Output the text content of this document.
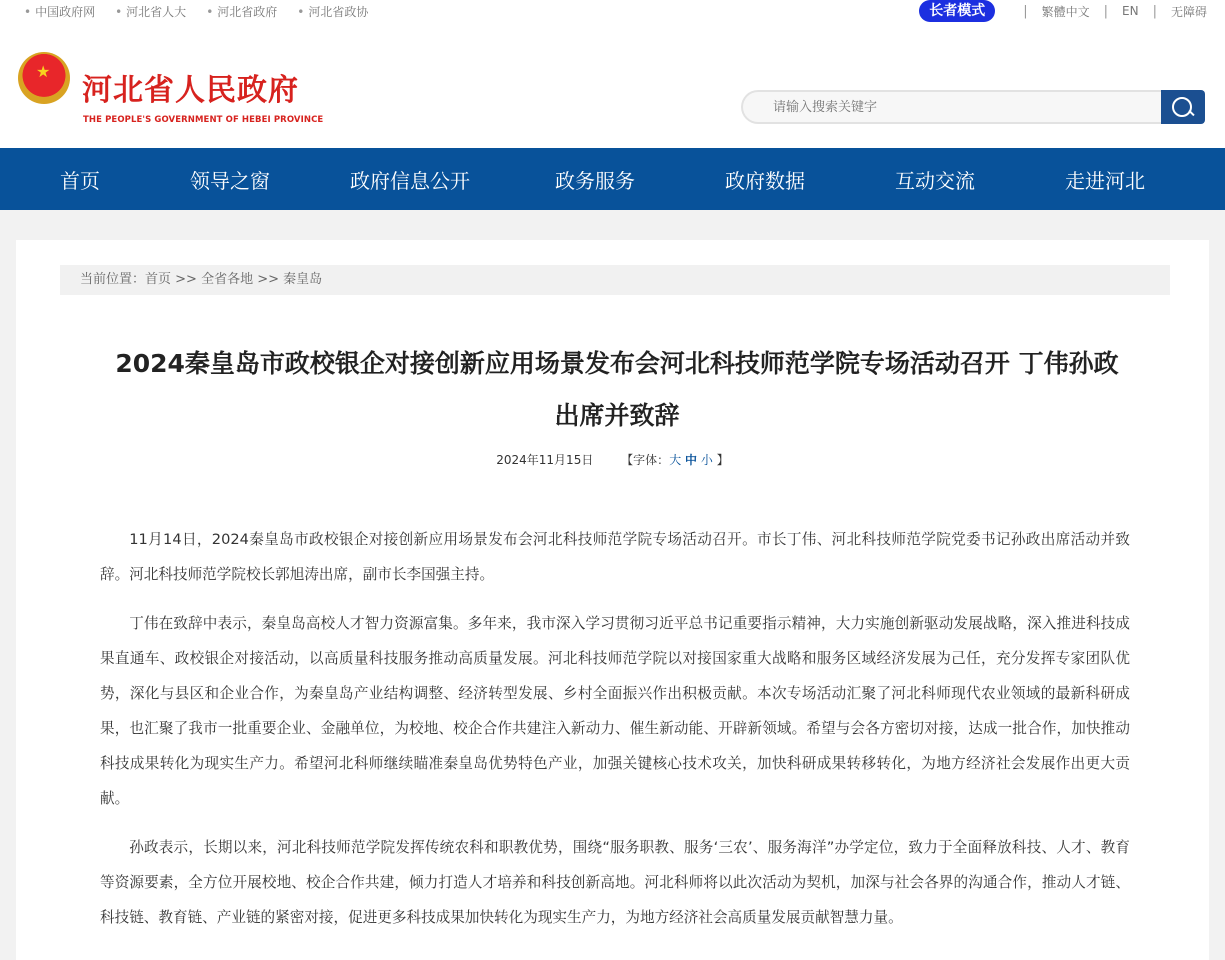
• 中国政府网	• 河北省人大	• 河北省政府	• 河北省政协	长者模式	| 繁體中文 | EN | 无障碍
★
河北省人民政府
THE PEOPLE'S GOVERNMENT OF HEBEI PROVINCE
请输入搜索关键字
首页	领导之窗	政府信息公开	政务服务	政府数据	互动交流	走进河北
当前位置：首页 >> 全省各地 >> 秦皇岛
2024秦皇岛市政校银企对接创新应用场景发布会河北科技师范学院专场活动召开 丁伟孙政出席并致辞
2024年11月15日 【字体：大 中 小 】

11月14日，2024秦皇岛市政校银企对接创新应用场景发布会河北科技师范学院专场活动召开。市长丁伟、河北科技师范学院党委书记孙政出席活动并致辞。河北科技师范学院校长郭旭涛出席，副市长李国强主持。

丁伟在致辞中表示，秦皇岛高校人才智力资源富集。多年来，我市深入学习贯彻习近平总书记重要指示精神，大力实施创新驱动发展战略，深入推进科技成果直通车、政校银企对接活动，以高质量科技服务推动高质量发展。河北科技师范学院以对接国家重大战略和服务区域经济发展为己任，充分发挥专家团队优势，深化与县区和企业合作，为秦皇岛产业结构调整、经济转型发展、乡村全面振兴作出积极贡献。本次专场活动汇聚了河北科师现代农业领域的最新科研成果，也汇聚了我市一批重要企业、金融单位，为校地、校企合作共建注入新动力、催生新动能、开辟新领域。希望与会各方密切对接，达成一批合作，加快推动科技成果转化为现实生产力。希望河北科师继续瞄准秦皇岛优势特色产业，加强关键核心技术攻关，加快科研成果转移转化，为地方经济社会发展作出更大贡献。

孙政表示，长期以来，河北科技师范学院发挥传统农科和职教优势，围绕“服务职教、服务‘三农’、服务海洋”办学定位，致力于全面释放科技、人才、教育等资源要素，全方位开展校地、校企合作共建，倾力打造人才培养和科技创新高地。河北科师将以此次活动为契机，加深与社会各界的沟通合作，推动人才链、科技链、教育链、产业链的紧密对接，促进更多科技成果加快转化为现实生产力，为地方经济社会高质量发展贡献智慧力量。
